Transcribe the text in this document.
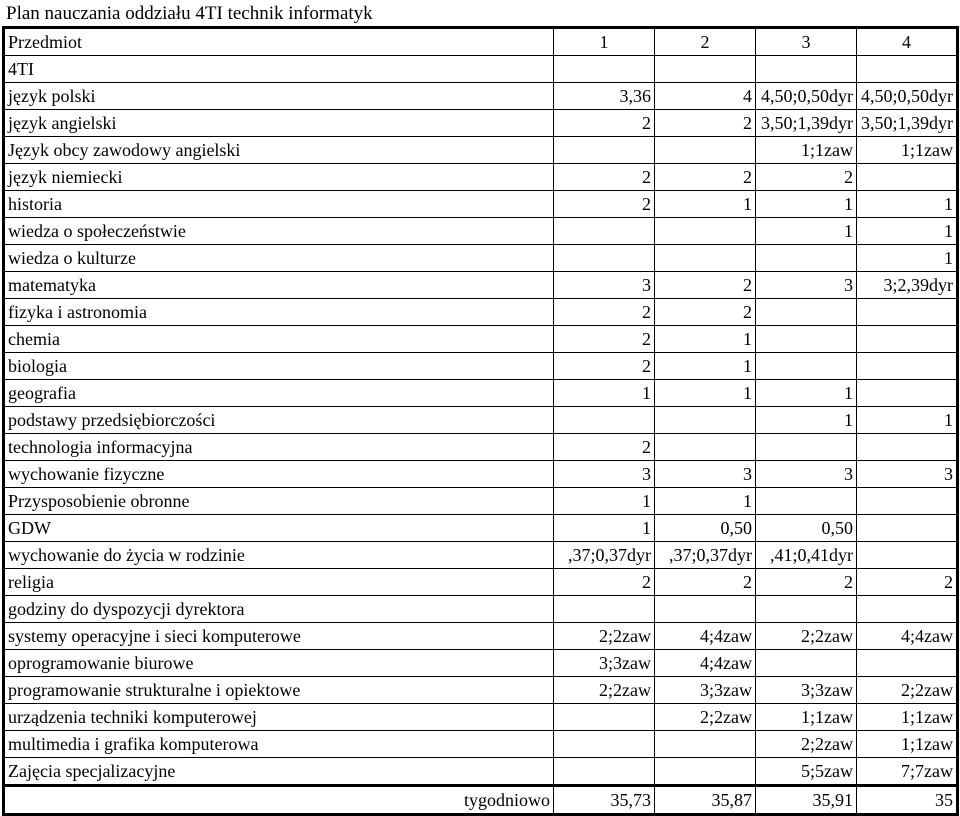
Plan nauczania oddziału 4TI technik informatyk
Przedmiot	1	2	3	4
4TI				
język polski	3,36	4	4,50;0,50dyr	4,50;0,50dyr
język angielski	2	2	3,50;1,39dyr	3,50;1,39dyr
Język obcy zawodowy angielski			1;1zaw	1;1zaw
język niemiecki	2	2	2	
historia	2	1	1	1
wiedza o społeczeństwie			1	1
wiedza o kulturze				1
matematyka	3	2	3	3;2,39dyr
fizyka i astronomia	2	2		
chemia	2	1		
biologia	2	1		
geografia	1	1	1	
podstawy przedsiębiorczości			1	1
technologia informacyjna	2			
wychowanie fizyczne	3	3	3	3
Przysposobienie obronne	1	1		
GDW	1	0,50	0,50	
wychowanie do życia w rodzinie	,37;0,37dyr	,37;0,37dyr	,41;0,41dyr	
religia	2	2	2	2
godziny do dyspozycji dyrektora				
systemy operacyjne i sieci komputerowe	2;2zaw	4;4zaw	2;2zaw	4;4zaw
oprogramowanie biurowe	3;3zaw	4;4zaw		
programowanie strukturalne i opiektowe	2;2zaw	3;3zaw	3;3zaw	2;2zaw
urządzenia techniki komputerowej		2;2zaw	1;1zaw	1;1zaw
multimedia i grafika komputerowa			2;2zaw	1;1zaw
Zajęcia specjalizacyjne			5;5zaw	7;7zaw
tygodniowo	35,73	35,87	35,91	35
